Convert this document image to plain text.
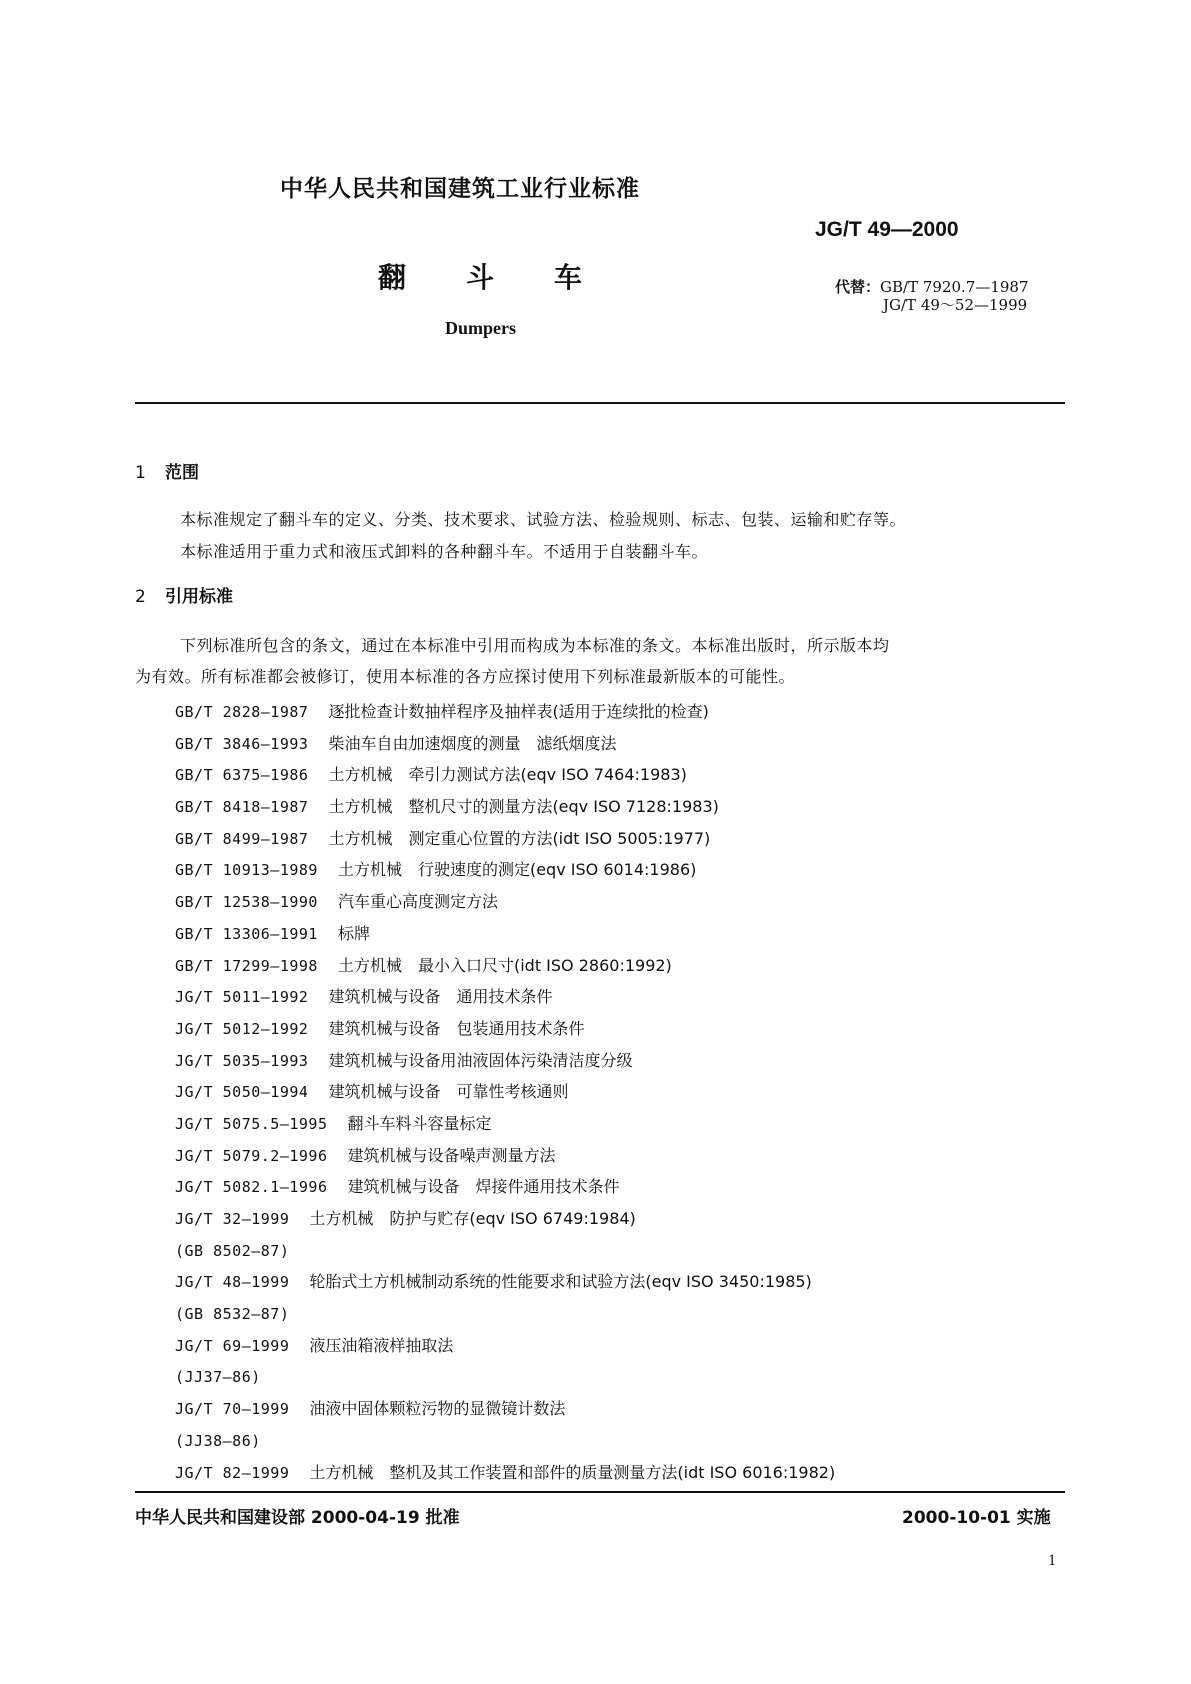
中华人民共和国建筑工业行业标准
JG/T 49—2000
翻 斗 车	代替：GB/T 7920.7—1987
JG/T 49～52—1999
Dumpers
1 范围
本标准规定了翻斗车的定义、分类、技术要求、试验方法、检验规则、标志、包装、运输和贮存等。
本标准适用于重力式和液压式卸料的各种翻斗车。不适用于自装翻斗车。
2 引用标准
下列标准所包含的条文，通过在本标准中引用而构成为本标准的条文。本标准出版时，所示版本均
为有效。所有标准都会被修订，使用本标准的各方应探讨使用下列标准最新版本的可能性。
GB/T 2828—1987 逐批检查计数抽样程序及抽样表(适用于连续批的检查)
GB/T 3846—1993 柴油车自由加速烟度的测量　滤纸烟度法
GB/T 6375—1986 土方机械　牵引力测试方法(eqv ISO 7464:1983)
GB/T 8418—1987 土方机械　整机尺寸的测量方法(eqv ISO 7128:1983)
GB/T 8499—1987 土方机械　测定重心位置的方法(idt ISO 5005:1977)
GB/T 10913—1989 土方机械　行驶速度的测定(eqv ISO 6014:1986)
GB/T 12538—1990 汽车重心高度测定方法
GB/T 13306—1991 标牌
GB/T 17299—1998 土方机械　最小入口尺寸(idt ISO 2860:1992)
JG/T 5011—1992 建筑机械与设备　通用技术条件
JG/T 5012—1992 建筑机械与设备　包装通用技术条件
JG/T 5035—1993 建筑机械与设备用油液固体污染清洁度分级
JG/T 5050—1994 建筑机械与设备　可靠性考核通则
JG/T 5075.5—1995 翻斗车料斗容量标定
JG/T 5079.2—1996 建筑机械与设备噪声测量方法
JG/T 5082.1—1996 建筑机械与设备　焊接件通用技术条件
JG/T 32—1999 土方机械　防护与贮存(eqv ISO 6749:1984)
(GB 8502—87)
JG/T 48—1999 轮胎式土方机械制动系统的性能要求和试验方法(eqv ISO 3450:1985)
(GB 8532—87)
JG/T 69—1999 液压油箱液样抽取法
(JJ37—86)
JG/T 70—1999 油液中固体颗粒污物的显微镜计数法
(JJ38—86)
JG/T 82—1999 土方机械　整机及其工作装置和部件的质量测量方法(idt ISO 6016:1982)
中华人民共和国建设部 2000-04-19 批准	2000-10-01 实施
1
